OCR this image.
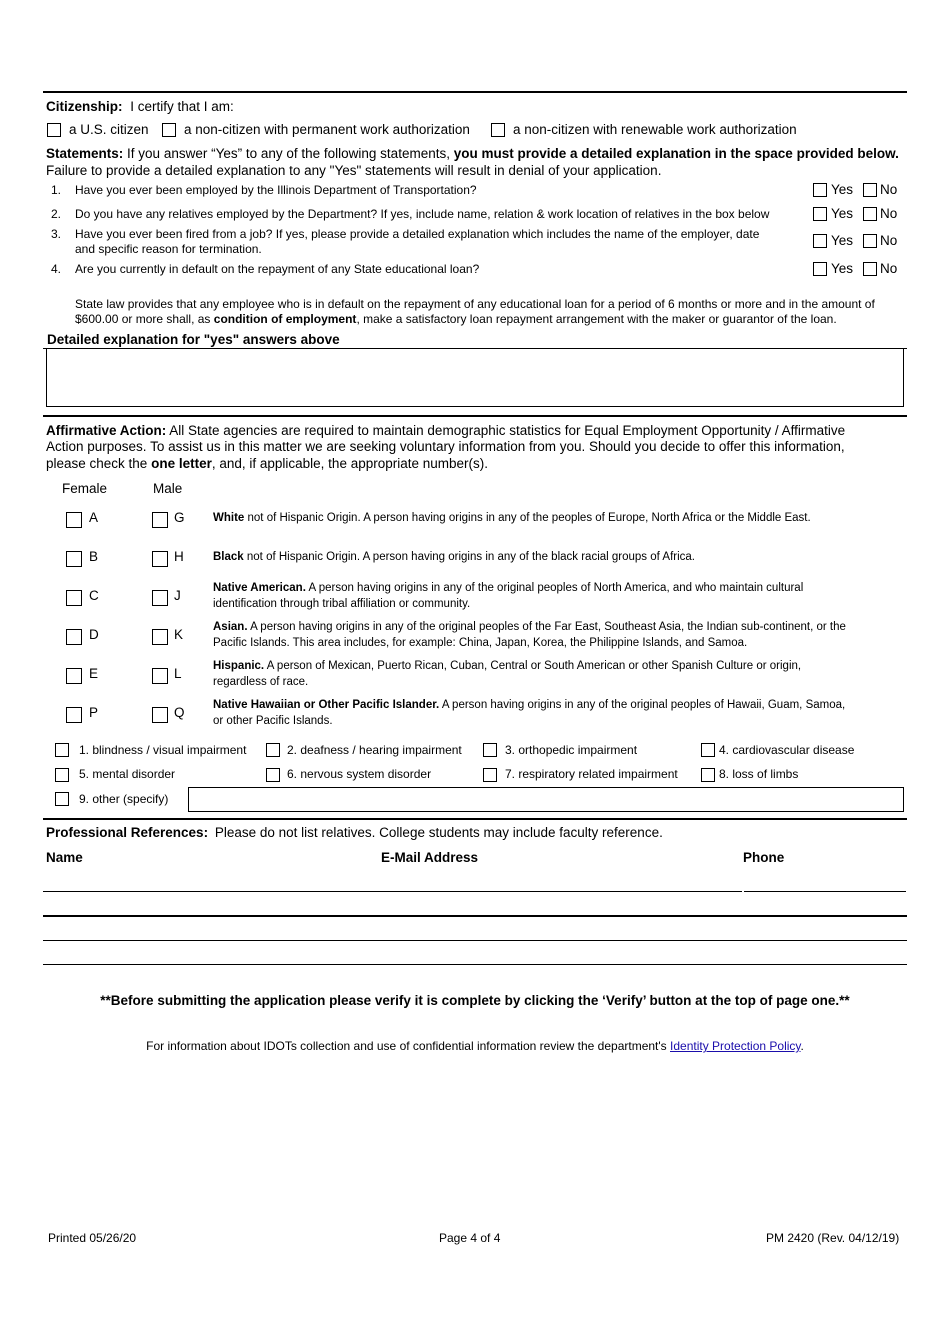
Citizenship: I certify that I am:
a U.S. citizen	a non-citizen with permanent work authorization	a non-citizen with renewable work authorization
Statements: If you answer “Yes” to any of the following statements, you must provide a detailed explanation in the space provided below. Failure to provide a detailed explanation to any "Yes" statements will result in denial of your application.
1. Have you ever been employed by the Illinois Department of Transportation?	Yes No
2. Do you have any relatives employed by the Department? If yes, include name, relation & work location of relatives in the box below	Yes No
3. Have you ever been fired from a job? If yes, please provide a detailed explanation which includes the name of the employer, date
and specific reason for termination.
Yes No
4. Are you currently in default on the repayment of any State educational loan?	Yes No
State law provides that any employee who is in default on the repayment of any educational loan for a period of 6 months or more and in the amount of
$600.00 or more shall, as condition of employment, make a satisfactory loan repayment arrangement with the maker or guarantor of the loan.
Detailed explanation for "yes" answers above
Affirmative Action: All State agencies are required to maintain demographic statistics for Equal Employment Opportunity / Affirmative
Action purposes. To assist us in this matter we are seeking voluntary information from you. Should you decide to offer this information,
please check the one letter, and, if applicable, the appropriate number(s).
Female	Male
A	G White not of Hispanic Origin. A person having origins in any of the peoples of Europe, North Africa or the Middle East.
B	H	Black not of Hispanic Origin. A person having origins in any of the black racial groups of Africa.
C	J	Native American. A person having origins in any of the original peoples of North America, and who maintain cultural
identification through tribal affiliation or community.
D	K	Asian. A person having origins in any of the original peoples of the Far East, Southeast Asia, the Indian sub-continent, or the
Pacific Islands. This area includes, for example: China, Japan, Korea, the Philippine Islands, and Samoa.
E	L	Hispanic. A person of Mexican, Puerto Rican, Cuban, Central or South American or other Spanish Culture or origin,
regardless of race.
P	Q Native Hawaiian or Other Pacific Islander. A person having origins in any of the original peoples of Hawaii, Guam, Samoa,
or other Pacific Islands.
1. blindness / visual impairment	2. deafness / hearing impairment	3. orthopedic impairment	4. cardiovascular disease
5. mental disorder	6. nervous system disorder	7. respiratory related impairment	8. loss of limbs
9. other (specify)
Professional References: Please do not list relatives. College students may include faculty reference.
Name	E-Mail Address	Phone
**Before submitting the application please verify it is complete by clicking the ‘Verify’ button at the top of page one.**
For information about IDOTs collection and use of confidential information review the department's Identity Protection Policy.
Printed 05/26/20	Page 4 of 4	PM 2420 (Rev. 04/12/19)
